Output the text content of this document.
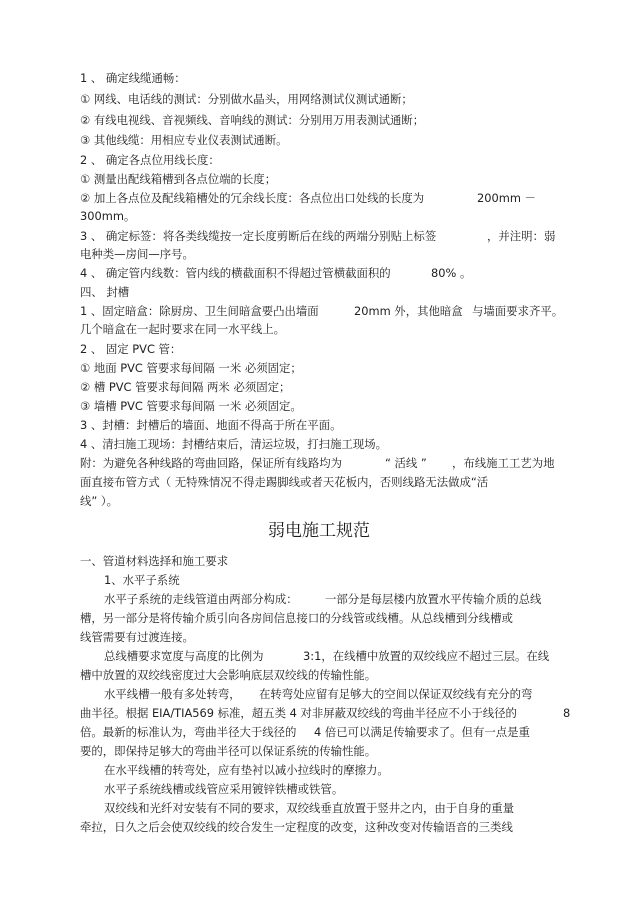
1 、 确定线缆通畅：
① 网线、电话线的测试：分别做水晶头，用网络测试仪测试通断；
② 有线电视线、音视频线、音响线的测试：分别用万用表测试通断；
③ 其他线缆：用相应专业仪表测试通断。
2 、 确定各点位用线长度：
① 测量出配线箱槽到各点位端的长度；
② 加上各点位及配线箱槽处的冗余线长度：各点位出口处线的长度为	200mm －
300mm。
3 、 确定标签：将各类线缆按一定长度剪断后在线的两端分别贴上标签	，并注明：弱
电种类—房间—序号。
4 、 确定管内线数：管内线的横截面积不得超过管横截面积的	80% 。
四、 封槽
1 、固定暗盒：除厨房、卫生间暗盒要凸出墙面	20mm 外，其他暗盒 与墙面要求齐平。
几个暗盒在一起时要求在同一水平线上。
2 、 固定 PVC 管：
① 地面 PVC 管要求每间隔 一米 必须固定；
② 槽 PVC 管要求每间隔 两米 必须固定；
③ 墙槽 PVC 管要求每间隔 一米 必须固定。
3 、封槽：封槽后的墙面、地面不得高于所在平面。
4 、清扫施工现场：封槽结束后，清运垃圾，打扫施工现场。
附：为避免各种线路的弯曲回路，保证所有线路均为	“ 活线 ” ，布线施工工艺为地
面直接布管方式（ 无特殊情况不得走踢脚线或者天花板内，否则线路无法做成“活
线” ）。
弱电施工规范
一、管道材料选择和施工要求
1、水平子系统
水平子系统的走线管道由两部分构成： 一部分是每层楼内放置水平传输介质的总线
槽，另一部分是将传输介质引向各房间信息接口的分线管或线槽。从总线槽到分线槽或
线管需要有过渡连接。
总线槽要求宽度与高度的比例为	3:1，在线槽中放置的双绞线应不超过三层。在线
槽中放置的双绞线密度过大会影响底层双绞线的传输性能。
水平线槽一般有多处转弯， 在转弯处应留有足够大的空间以保证双绞线有充分的弯
曲半径。根据 EIA/TIA569 标准，超五类 4 对非屏蔽双绞线的弯曲半径应不小于线径的	8
倍。最新的标准认为，弯曲半径大于线径的 4 倍已可以满足传输要求了。但有一点是重
要的，即保持足够大的弯曲半径可以保证系统的传输性能。
在水平线槽的转弯处，应有垫衬以减小拉线时的摩擦力。
水平子系统线槽或线管应采用镀锌铁槽或铁管。
双绞线和光纤对安装有不同的要求，双绞线垂直放置于竖井之内，由于自身的重量
牵拉，日久之后会使双绞线的绞合发生一定程度的改变，这种改变对传输语音的三类线
